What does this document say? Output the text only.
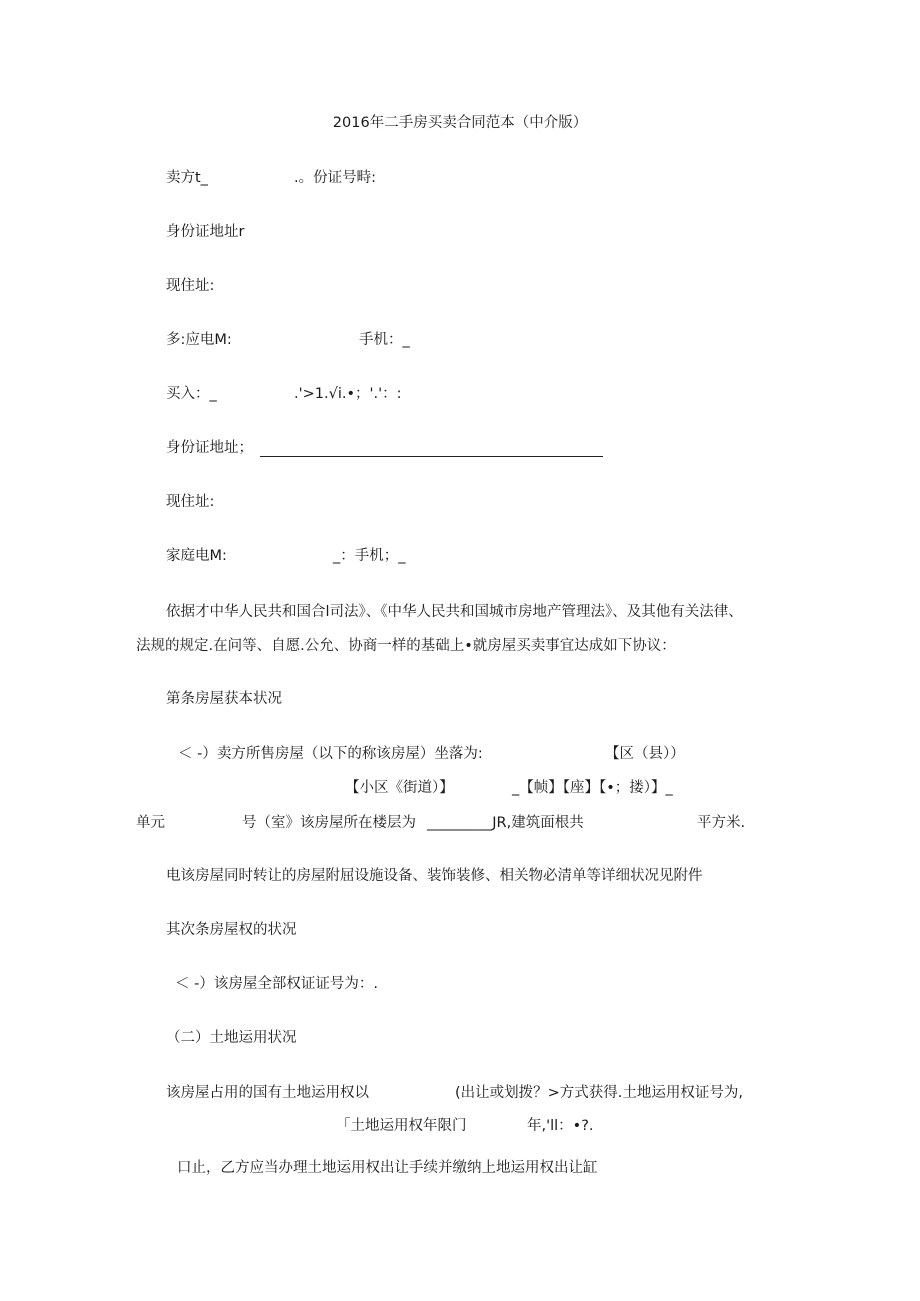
2016年二手房买卖合同范本（中介版）
卖方t_	.。份证号畤:
身份证地址r
现住址:
多:应电M:	手机：_
买入：_	.'>1.√i.•；'.'：:
身份证地址；
现住址:
家庭电M:	_：手机；_
依据才中华人民共和国合l司法》、《中华人民共和国城市房地产管理法》、及其他有关法律、
法规的规定.在问等、自愿.公允、协商一样的基础上•就房屋买卖事宜达成如下协议：
第条房屋获本状况
＜ -）卖方所售房屋（以下的称该房屋）坐落为:	【区（县））
【小区《街道）】	_【帧】【座】【•；搂）】_
单元	号（室》该房屋所在楼层为 _________JR,建筑面根共	平方米.
电该房屋同时转让的房屋附屈设施设备、装饰装修、相关物必清单等详细状况见附件
其次条房屋权的状况
＜ -）该房屋全部权证证号为：.
（二）土地运用状况
该房屋占用的国有土地运用权以	(出让或划拨？>方式获得.土地运用权证号为,
「土地运用权年限门	年,'ll：•?.
口止，乙方应当办理土地运用权出让手续并缴纳上地运用权出让缸
